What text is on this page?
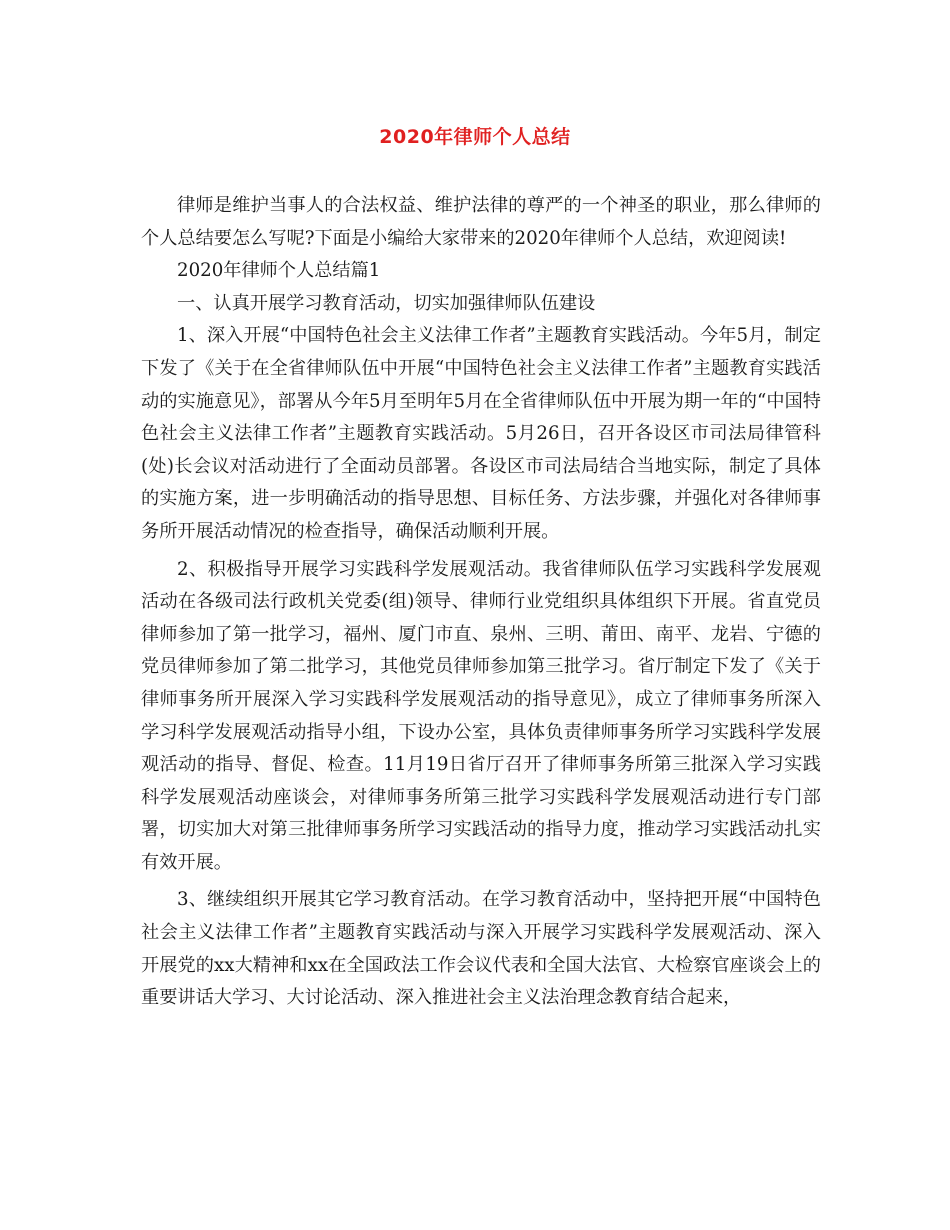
2020年律师个人总结

律师是维护当事人的合法权益、维护法律的尊严的一个神圣的职业，那么律师的个人总结要怎么写呢?下面是小编给大家带来的2020年律师个人总结，欢迎阅读!

2020年律师个人总结篇1

一、认真开展学习教育活动，切实加强律师队伍建设

1、深入开展“中国特色社会主义法律工作者”主题教育实践活动。今年5月，制定下发了《关于在全省律师队伍中开展“中国特色社会主义法律工作者”主题教育实践活动的实施意见》，部署从今年5月至明年5月在全省律师队伍中开展为期一年的“中国特色社会主义法律工作者”主题教育实践活动。5月26日，召开各设区市司法局律管科(处)长会议对活动进行了全面动员部署。各设区市司法局结合当地实际，制定了具体的实施方案，进一步明确活动的指导思想、目标任务、方法步骤，并强化对各律师事务所开展活动情况的检查指导，确保活动顺利开展。

2、积极指导开展学习实践科学发展观活动。我省律师队伍学习实践科学发展观活动在各级司法行政机关党委(组)领导、律师行业党组织具体组织下开展。省直党员律师参加了第一批学习，福州、厦门市直、泉州、三明、莆田、南平、龙岩、宁德的党员律师参加了第二批学习，其他党员律师参加第三批学习。省厅制定下发了《关于律师事务所开展深入学习实践科学发展观活动的指导意见》，成立了律师事务所深入学习科学发展观活动指导小组，下设办公室，具体负责律师事务所学习实践科学发展观活动的指导、督促、检查。11月19日省厅召开了律师事务所第三批深入学习实践科学发展观活动座谈会，对律师事务所第三批学习实践科学发展观活动进行专门部署，切实加大对第三批律师事务所学习实践活动的指导力度，推动学习实践活动扎实有效开展。

3、继续组织开展其它学习教育活动。在学习教育活动中，坚持把开展“中国特色社会主义法律工作者”主题教育实践活动与深入开展学习实践科学发展观活动、深入开展党的xx大精神和xx在全国政法工作会议代表和全国大法官、大检察官座谈会上的重要讲话大学习、大讨论活动、深入推进社会主义法治理念教育结合起来，
